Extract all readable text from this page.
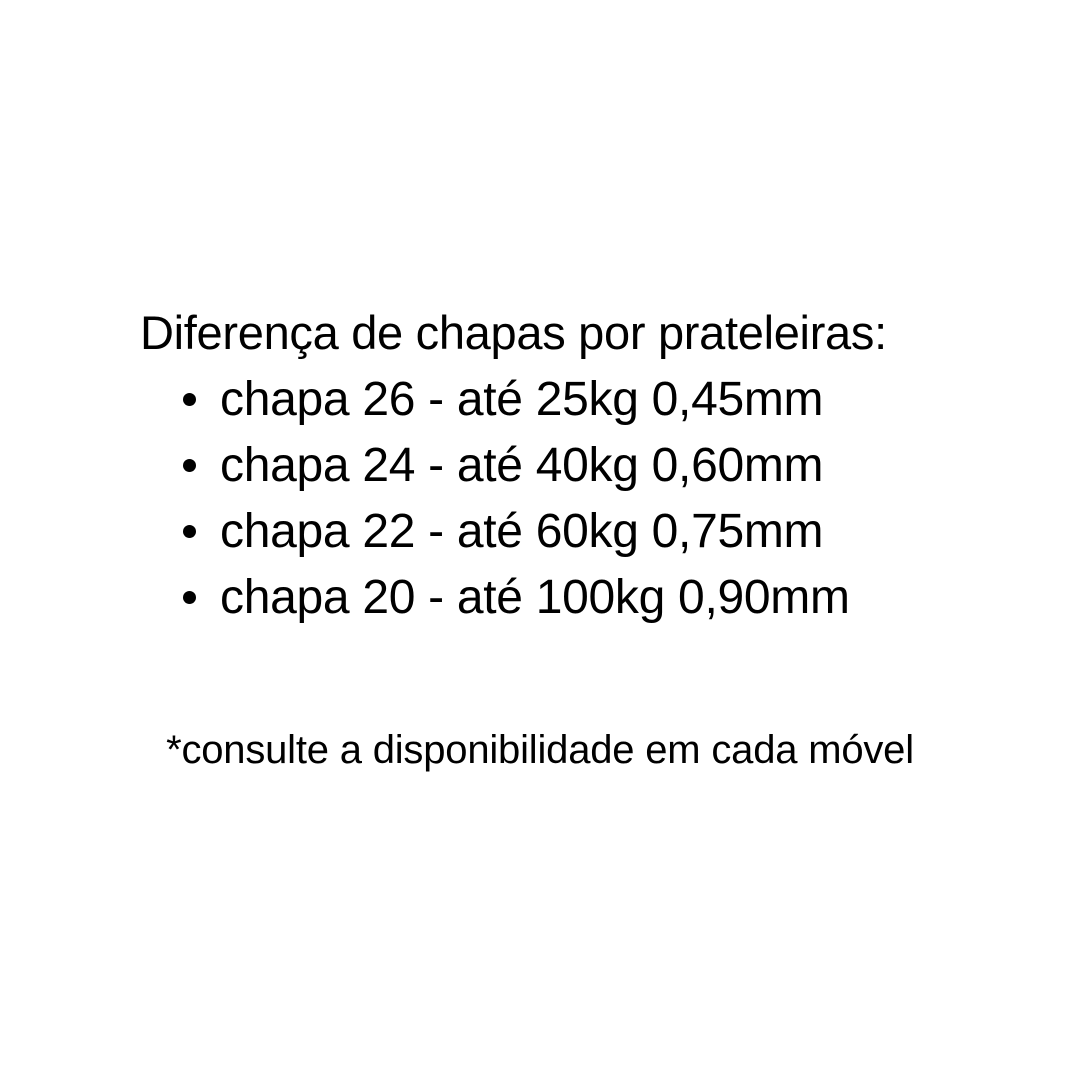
Diferença de chapas por prateleiras:
chapa 26 - até 25kg 0,45mm
chapa 24 - até 40kg 0,60mm
chapa 22 - até 60kg 0,75mm
chapa 20 - até 100kg 0,90mm

*consulte a disponibilidade em cada móvel
